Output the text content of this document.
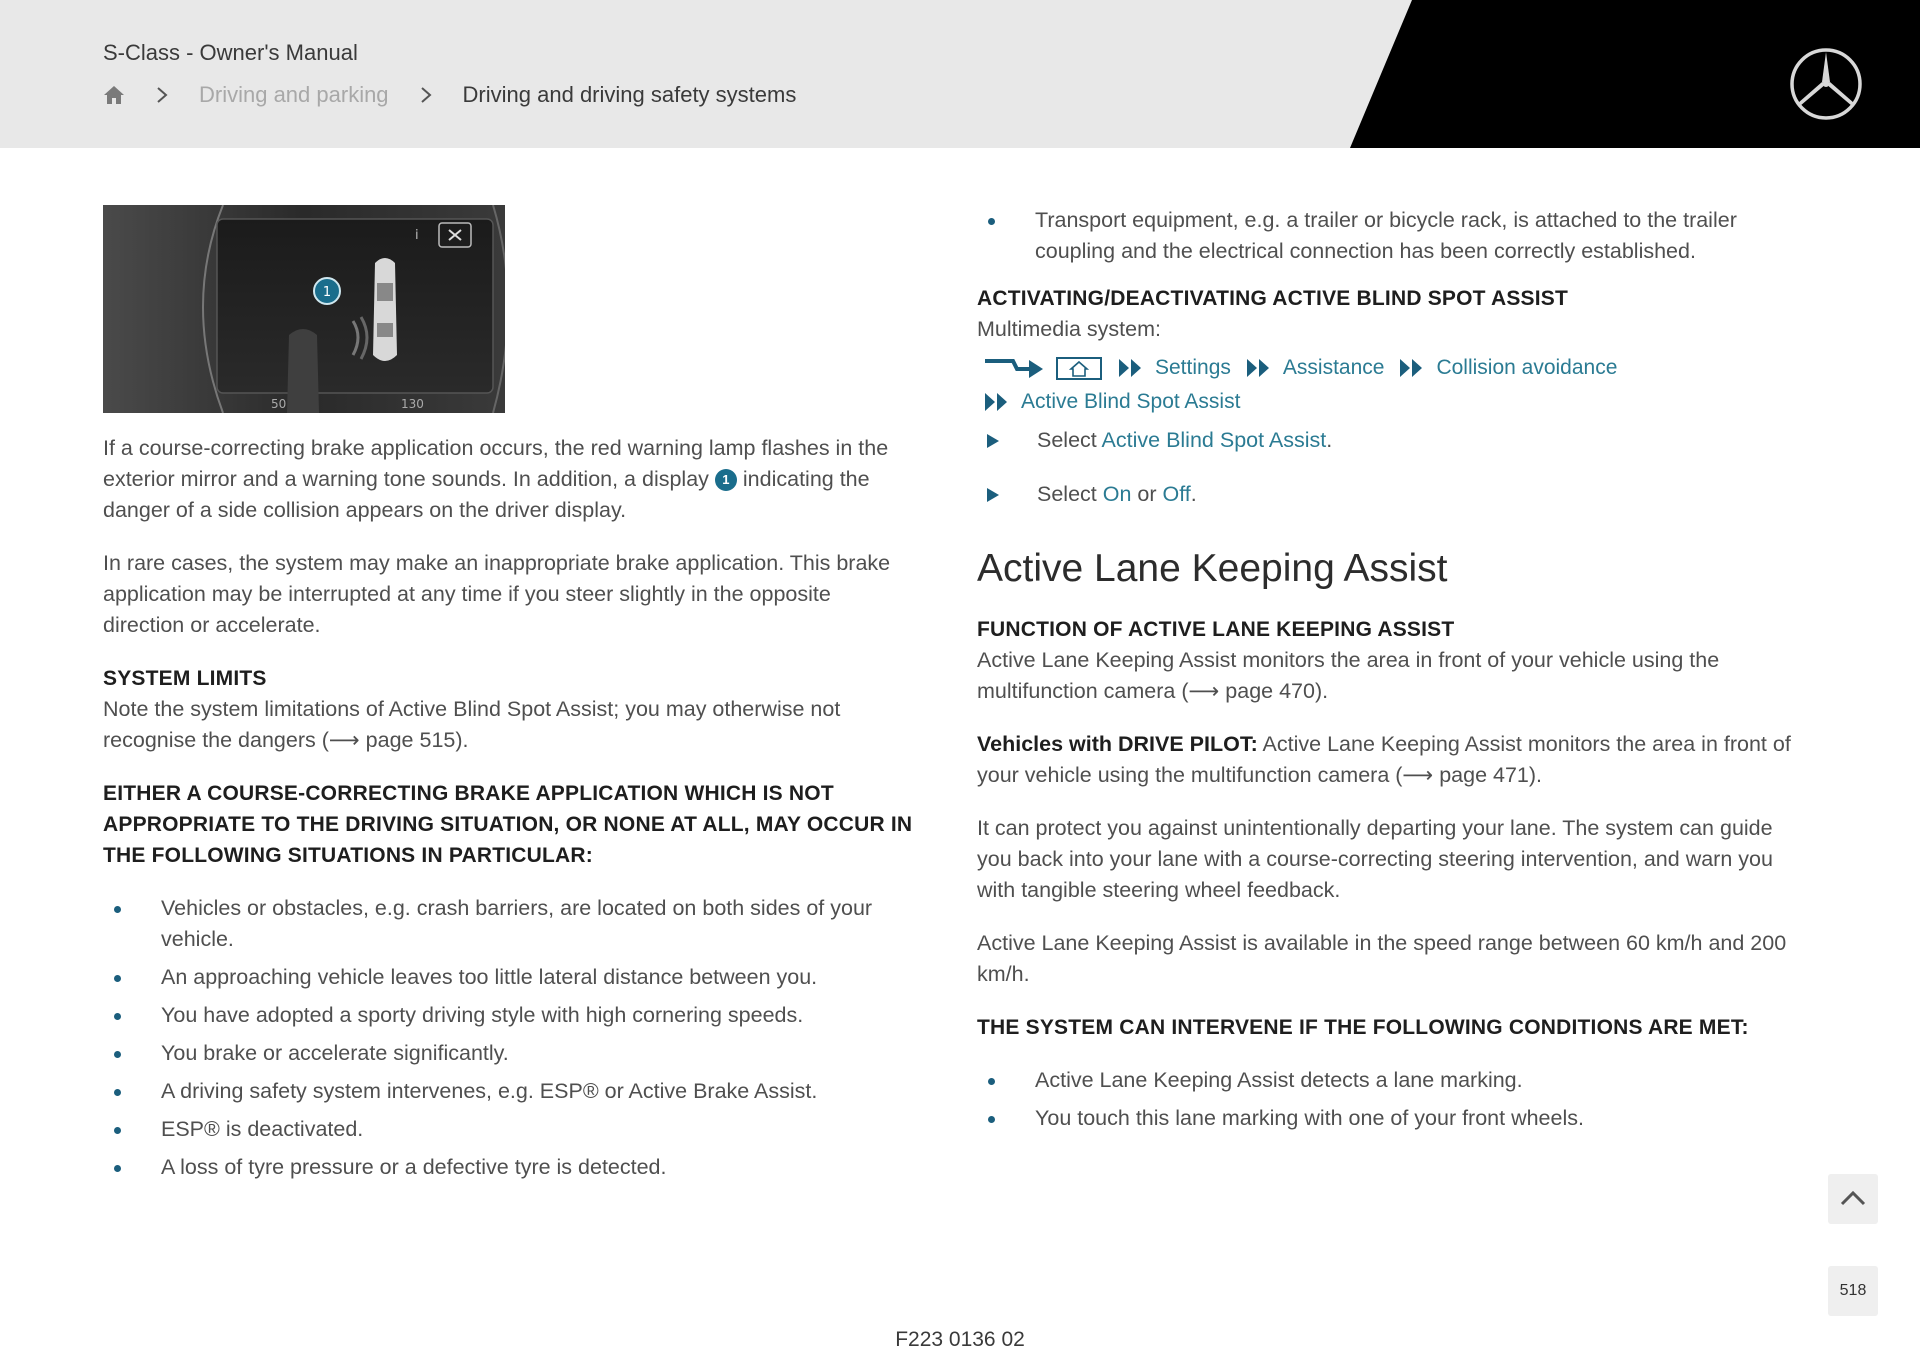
S-Class - Owner's Manual
Driving and parking	Driving and driving safety systems
i
1
50	130

If a course-correcting brake application occurs, the red warning lamp flashes in the exterior mirror and a warning tone sounds. In addition, a display 1 indicating the danger of a side collision appears on the driver display.

In rare cases, the system may make an inappropriate brake application. This brake application may be interrupted at any time if you steer slightly in the opposite direction or accelerate.

SYSTEM LIMITS
Note the system limitations of Active Blind Spot Assist; you may otherwise not recognise the dangers (⟶ page 515).
EITHER A COURSE-CORRECTING BRAKE APPLICATION WHICH IS NOT APPROPRIATE TO THE DRIVING SITUATION, OR NONE AT ALL, MAY OCCUR IN THE FOLLOWING SITUATIONS IN PARTICULAR:
Vehicles or obstacles, e.g. crash barriers, are located on both sides of your vehicle.
An approaching vehicle leaves too little lateral distance between you.
You have adopted a sporty driving style with high cornering speeds.
You brake or accelerate significantly.
A driving safety system intervenes, e.g. ESP® or Active Brake Assist.
ESP® is deactivated.
A loss of tyre pressure or a defective tyre is detected.
Transport equipment, e.g. a trailer or bicycle rack, is attached to the trailer coupling and the electrical connection has been correctly established.
ACTIVATING/DEACTIVATING ACTIVE BLIND SPOT ASSIST
Multimedia system:
Settings Assistance Collision avoidance
Active Blind Spot Assist
Select Active Blind Spot Assist.
Select On or Off.
Active Lane Keeping Assist
FUNCTION OF ACTIVE LANE KEEPING ASSIST
Active Lane Keeping Assist monitors the area in front of your vehicle using the multifunction camera (⟶ page 470).

Vehicles with DRIVE PILOT: Active Lane Keeping Assist monitors the area in front of your vehicle using the multifunction camera (⟶ page 471).

It can protect you against unintentionally departing your lane. The system can guide you back into your lane with a course-correcting steering intervention, and warn you with tangible steering wheel feedback.

Active Lane Keeping Assist is available in the speed range between 60 km/h and 200 km/h.

THE SYSTEM CAN INTERVENE IF THE FOLLOWING CONDITIONS ARE MET:
Active Lane Keeping Assist detects a lane marking.
You touch this lane marking with one of your front wheels.
518
F223 0136 02
